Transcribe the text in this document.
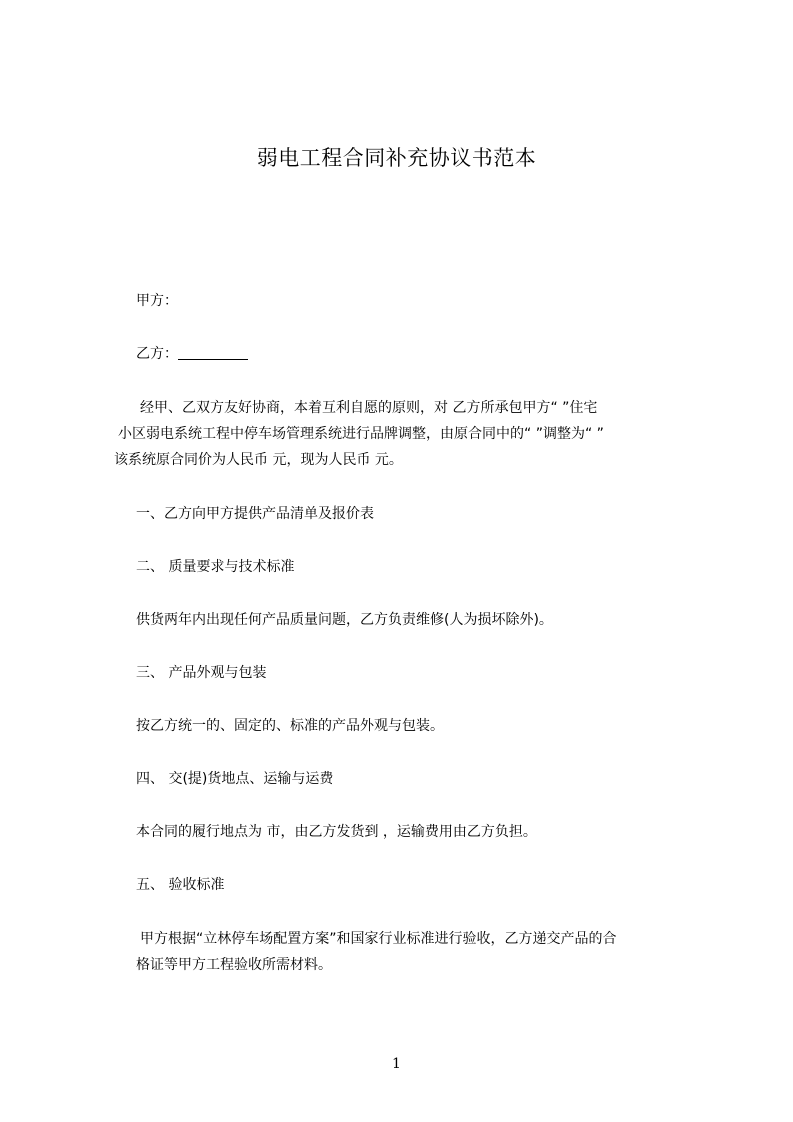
弱电工程合同补充协议书范本
甲方：
乙方：
经甲、乙双方友好协商，本着互利自愿的原则，对 乙方所承包甲方“ ”住宅
小区弱电系统工程中停车场管理系统进行品牌调整，由原合同中的“ ”调整为“ ”
该系统原合同价为人民币 元，现为人民币 元。
一、乙方向甲方提供产品清单及报价表
二、 质量要求与技术标准
供货两年内出现任何产品质量问题，乙方负责维修(人为损坏除外)。
三、 产品外观与包装
按乙方统一的、固定的、标准的产品外观与包装。
四、 交(提)货地点、运输与运费
本合同的履行地点为 市，由乙方发货到 ，运输费用由乙方负担。
五、 验收标准
甲方根据“立林停车场配置方案”和国家行业标准进行验收，乙方递交产品的合
格证等甲方工程验收所需材料。
1
